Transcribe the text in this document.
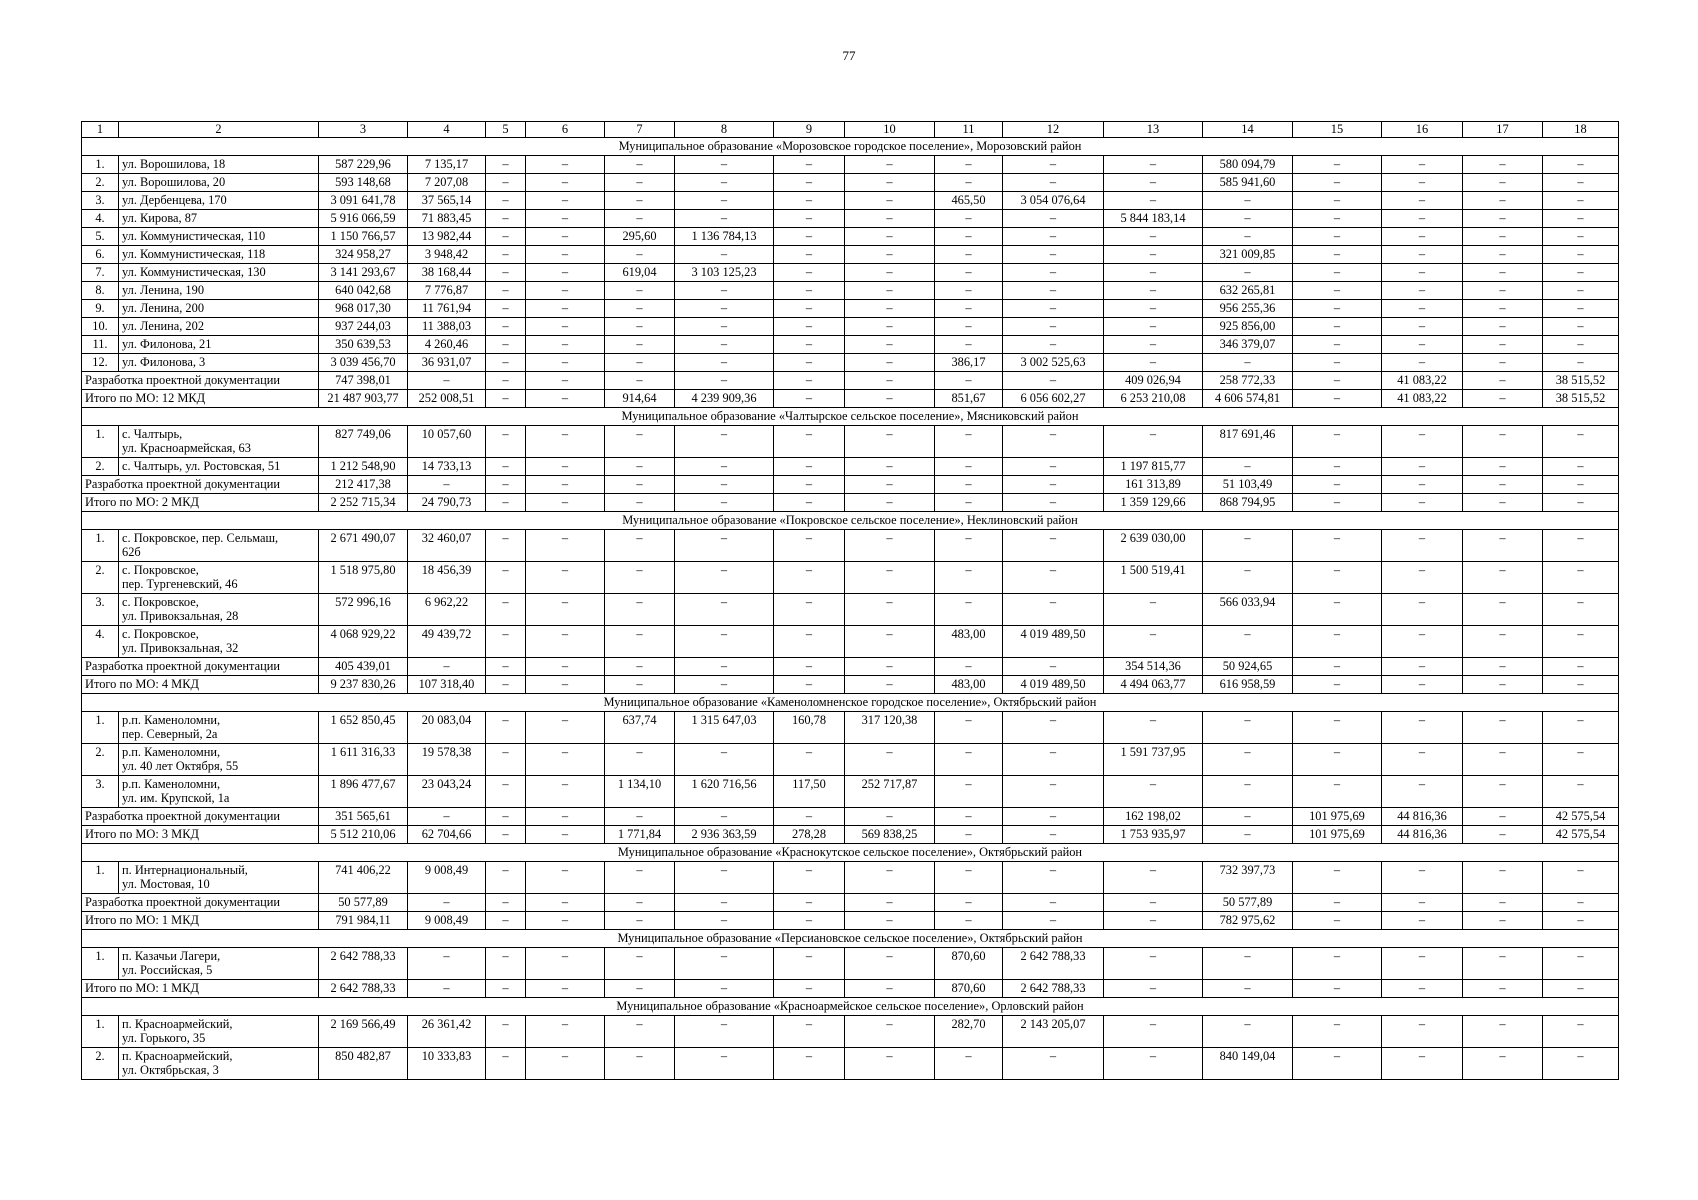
77
1	2	3	4	5	6	7	8	9	10	11	12	13	14	15	16	17	18
Муниципальное образование «Морозовское городское поселение», Морозовский район																	
1.	ул. Ворошилова, 18	587 229,96	7 135,17	–	–	–	–	–	–	–	–	–	580 094,79	–	–	–	–
2.	ул. Ворошилова, 20	593 148,68	7 207,08	–	–	–	–	–	–	–	–	–	585 941,60	–	–	–	–
3.	ул. Дербенцева, 170	3 091 641,78	37 565,14	–	–	–	–	–	–	465,50	3 054 076,64	–	–	–	–	–	–
4.	ул. Кирова, 87	5 916 066,59	71 883,45	–	–	–	–	–	–	–	–	5 844 183,14	–	–	–	–	–
5.	ул. Коммунистическая, 110	1 150 766,57	13 982,44	–	–	295,60	1 136 784,13	–	–	–	–	–	–	–	–	–	–
6.	ул. Коммунистическая, 118	324 958,27	3 948,42	–	–	–	–	–	–	–	–	–	321 009,85	–	–	–	–
7.	ул. Коммунистическая, 130	3 141 293,67	38 168,44	–	–	619,04	3 103 125,23	–	–	–	–	–	–	–	–	–	–
8.	ул. Ленина, 190	640 042,68	7 776,87	–	–	–	–	–	–	–	–	–	632 265,81	–	–	–	–
9.	ул. Ленина, 200	968 017,30	11 761,94	–	–	–	–	–	–	–	–	–	956 255,36	–	–	–	–
10.	ул. Ленина, 202	937 244,03	11 388,03	–	–	–	–	–	–	–	–	–	925 856,00	–	–	–	–
11.	ул. Филонова, 21	350 639,53	4 260,46	–	–	–	–	–	–	–	–	–	346 379,07	–	–	–	–
12.	ул. Филонова, 3	3 039 456,70	36 931,07	–	–	–	–	–	–	386,17	3 002 525,63	–	–	–	–	–	–
Разработка проектной документации		747 398,01	–	–	–	–	–	–	–	–	–	409 026,94	258 772,33	–	41 083,22	–	38 515,52
Итого по МО: 12 МКД		21 487 903,77	252 008,51	–	–	914,64	4 239 909,36	–	–	851,67	6 056 602,27	6 253 210,08	4 606 574,81	–	41 083,22	–	38 515,52
Муниципальное образование «Чалтырское сельское поселение», Мясниковский район																	
1.	с. Чалтырь,
ул. Красноармейская, 63	827 749,06	10 057,60	–	–	–	–	–	–	–	–	–	817 691,46	–	–	–	–
2.	с. Чалтырь, ул. Ростовская, 51	1 212 548,90	14 733,13	–	–	–	–	–	–	–	–	1 197 815,77	–	–	–	–	–
Разработка проектной документации		212 417,38	–	–	–	–	–	–	–	–	–	161 313,89	51 103,49	–	–	–	–
Итого по МО: 2 МКД		2 252 715,34	24 790,73	–	–	–	–	–	–	–	–	1 359 129,66	868 794,95	–	–	–	–
Муниципальное образование «Покровское сельское поселение», Неклиновский район																	
1.	с. Покровское, пер. Сельмаш,
62б	2 671 490,07	32 460,07	–	–	–	–	–	–	–	–	2 639 030,00	–	–	–	–	–
2.	с. Покровское,
пер. Тургеневский, 46	1 518 975,80	18 456,39	–	–	–	–	–	–	–	–	1 500 519,41	–	–	–	–	–
3.	с. Покровское,
ул. Привокзальная, 28	572 996,16	6 962,22	–	–	–	–	–	–	–	–	–	566 033,94	–	–	–	–
4.	с. Покровское,
ул. Привокзальная, 32	4 068 929,22	49 439,72	–	–	–	–	–	–	483,00	4 019 489,50	–	–	–	–	–	–
Разработка проектной документации		405 439,01	–	–	–	–	–	–	–	–	–	354 514,36	50 924,65	–	–	–	–
Итого по МО: 4 МКД		9 237 830,26	107 318,40	–	–	–	–	–	–	483,00	4 019 489,50	4 494 063,77	616 958,59	–	–	–	–
Муниципальное образование «Каменоломненское городское поселение», Октябрьский район																	
1.	р.п. Каменоломни,
пер. Северный, 2а	1 652 850,45	20 083,04	–	–	637,74	1 315 647,03	160,78	317 120,38	–	–	–	–	–	–	–	–
2.	р.п. Каменоломни,
ул. 40 лет Октября, 55	1 611 316,33	19 578,38	–	–	–	–	–	–	–	–	1 591 737,95	–	–	–	–	–
3.	р.п. Каменоломни,
ул. им. Крупской, 1а	1 896 477,67	23 043,24	–	–	1 134,10	1 620 716,56	117,50	252 717,87	–	–	–	–	–	–	–	–
Разработка проектной документации		351 565,61	–	–	–	–	–	–	–	–	–	162 198,02	–	101 975,69	44 816,36	–	42 575,54
Итого по МО: 3 МКД		5 512 210,06	62 704,66	–	–	1 771,84	2 936 363,59	278,28	569 838,25	–	–	1 753 935,97	–	101 975,69	44 816,36	–	42 575,54
Муниципальное образование «Краснокутское сельское поселение», Октябрьский район																	
1.	п. Интернациональный,
ул. Мостовая, 10	741 406,22	9 008,49	–	–	–	–	–	–	–	–	–	732 397,73	–	–	–	–
Разработка проектной документации		50 577,89	–	–	–	–	–	–	–	–	–	–	50 577,89	–	–	–	–
Итого по МО: 1 МКД		791 984,11	9 008,49	–	–	–	–	–	–	–	–	–	782 975,62	–	–	–	–
Муниципальное образование «Персиановское сельское поселение», Октябрьский район																	
1.	п. Казачьи Лагери,
ул. Российская, 5	2 642 788,33	–	–	–	–	–	–	–	870,60	2 642 788,33	–	–	–	–	–	–
Итого по МО: 1 МКД		2 642 788,33	–	–	–	–	–	–	–	870,60	2 642 788,33	–	–	–	–	–	–
Муниципальное образование «Красноармейское сельское поселение», Орловский район																	
1.	п. Красноармейский,
ул. Горького, 35	2 169 566,49	26 361,42	–	–	–	–	–	–	282,70	2 143 205,07	–	–	–	–	–	–
2.	п. Красноармейский,
ул. Октябрьская, 3	850 482,87	10 333,83	–	–	–	–	–	–	–	–	–	840 149,04	–	–	–	–
